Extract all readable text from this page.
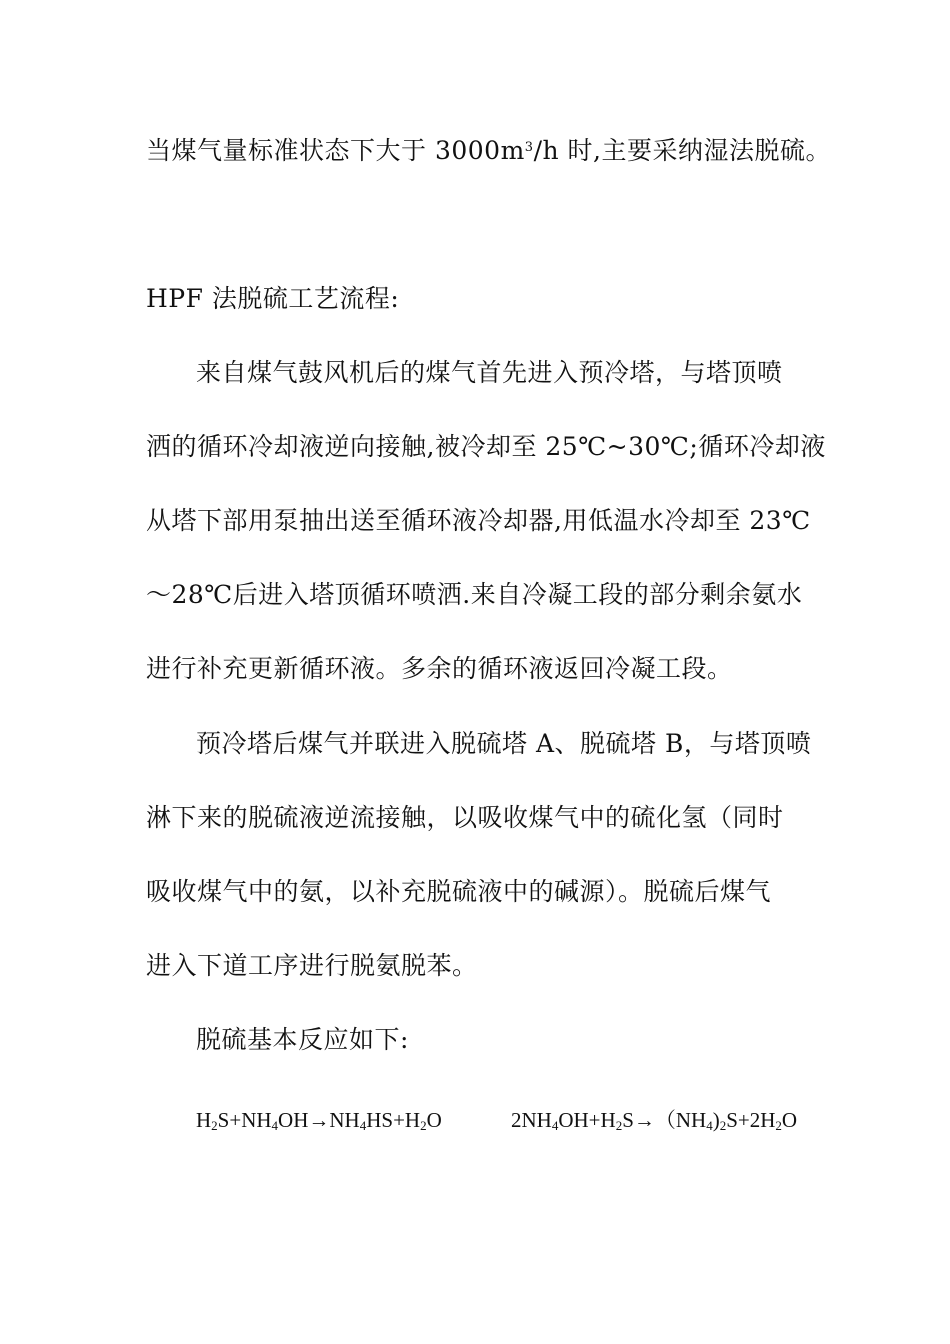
当煤气量标准状态下大于 $3000m^3/h$ 时,主要采纳湿法脱硫。
HPF 法脱硫工艺流程:
来自煤气鼓风机后的煤气首先进入预冷塔，与塔顶喷
洒的循环冷却液逆向接触,被冷却至 25℃~30℃;循环冷却液
从塔下部用泵抽出送至循环液冷却器,用低温水冷却至 23℃
～28℃后进入塔顶循环喷洒.来自冷凝工段的部分剩余氨水
进行补充更新循环液。多余的循环液返回冷凝工段。
预冷塔后煤气并联进入脱硫塔 A、脱硫塔 B，与塔顶喷
淋下来的脱硫液逆流接触，以吸收煤气中的硫化氢（同时
吸收煤气中的氨，以补充脱硫液中的碱源）。脱硫后煤气
进入下道工序进行脱氨脱苯。
脱硫基本反应如下:
$H_2S+NH_4OH\to NH_4HS+H_2O$	$2NH_4OH+H_2S\to(NH_4)_2S+2H_2O$
